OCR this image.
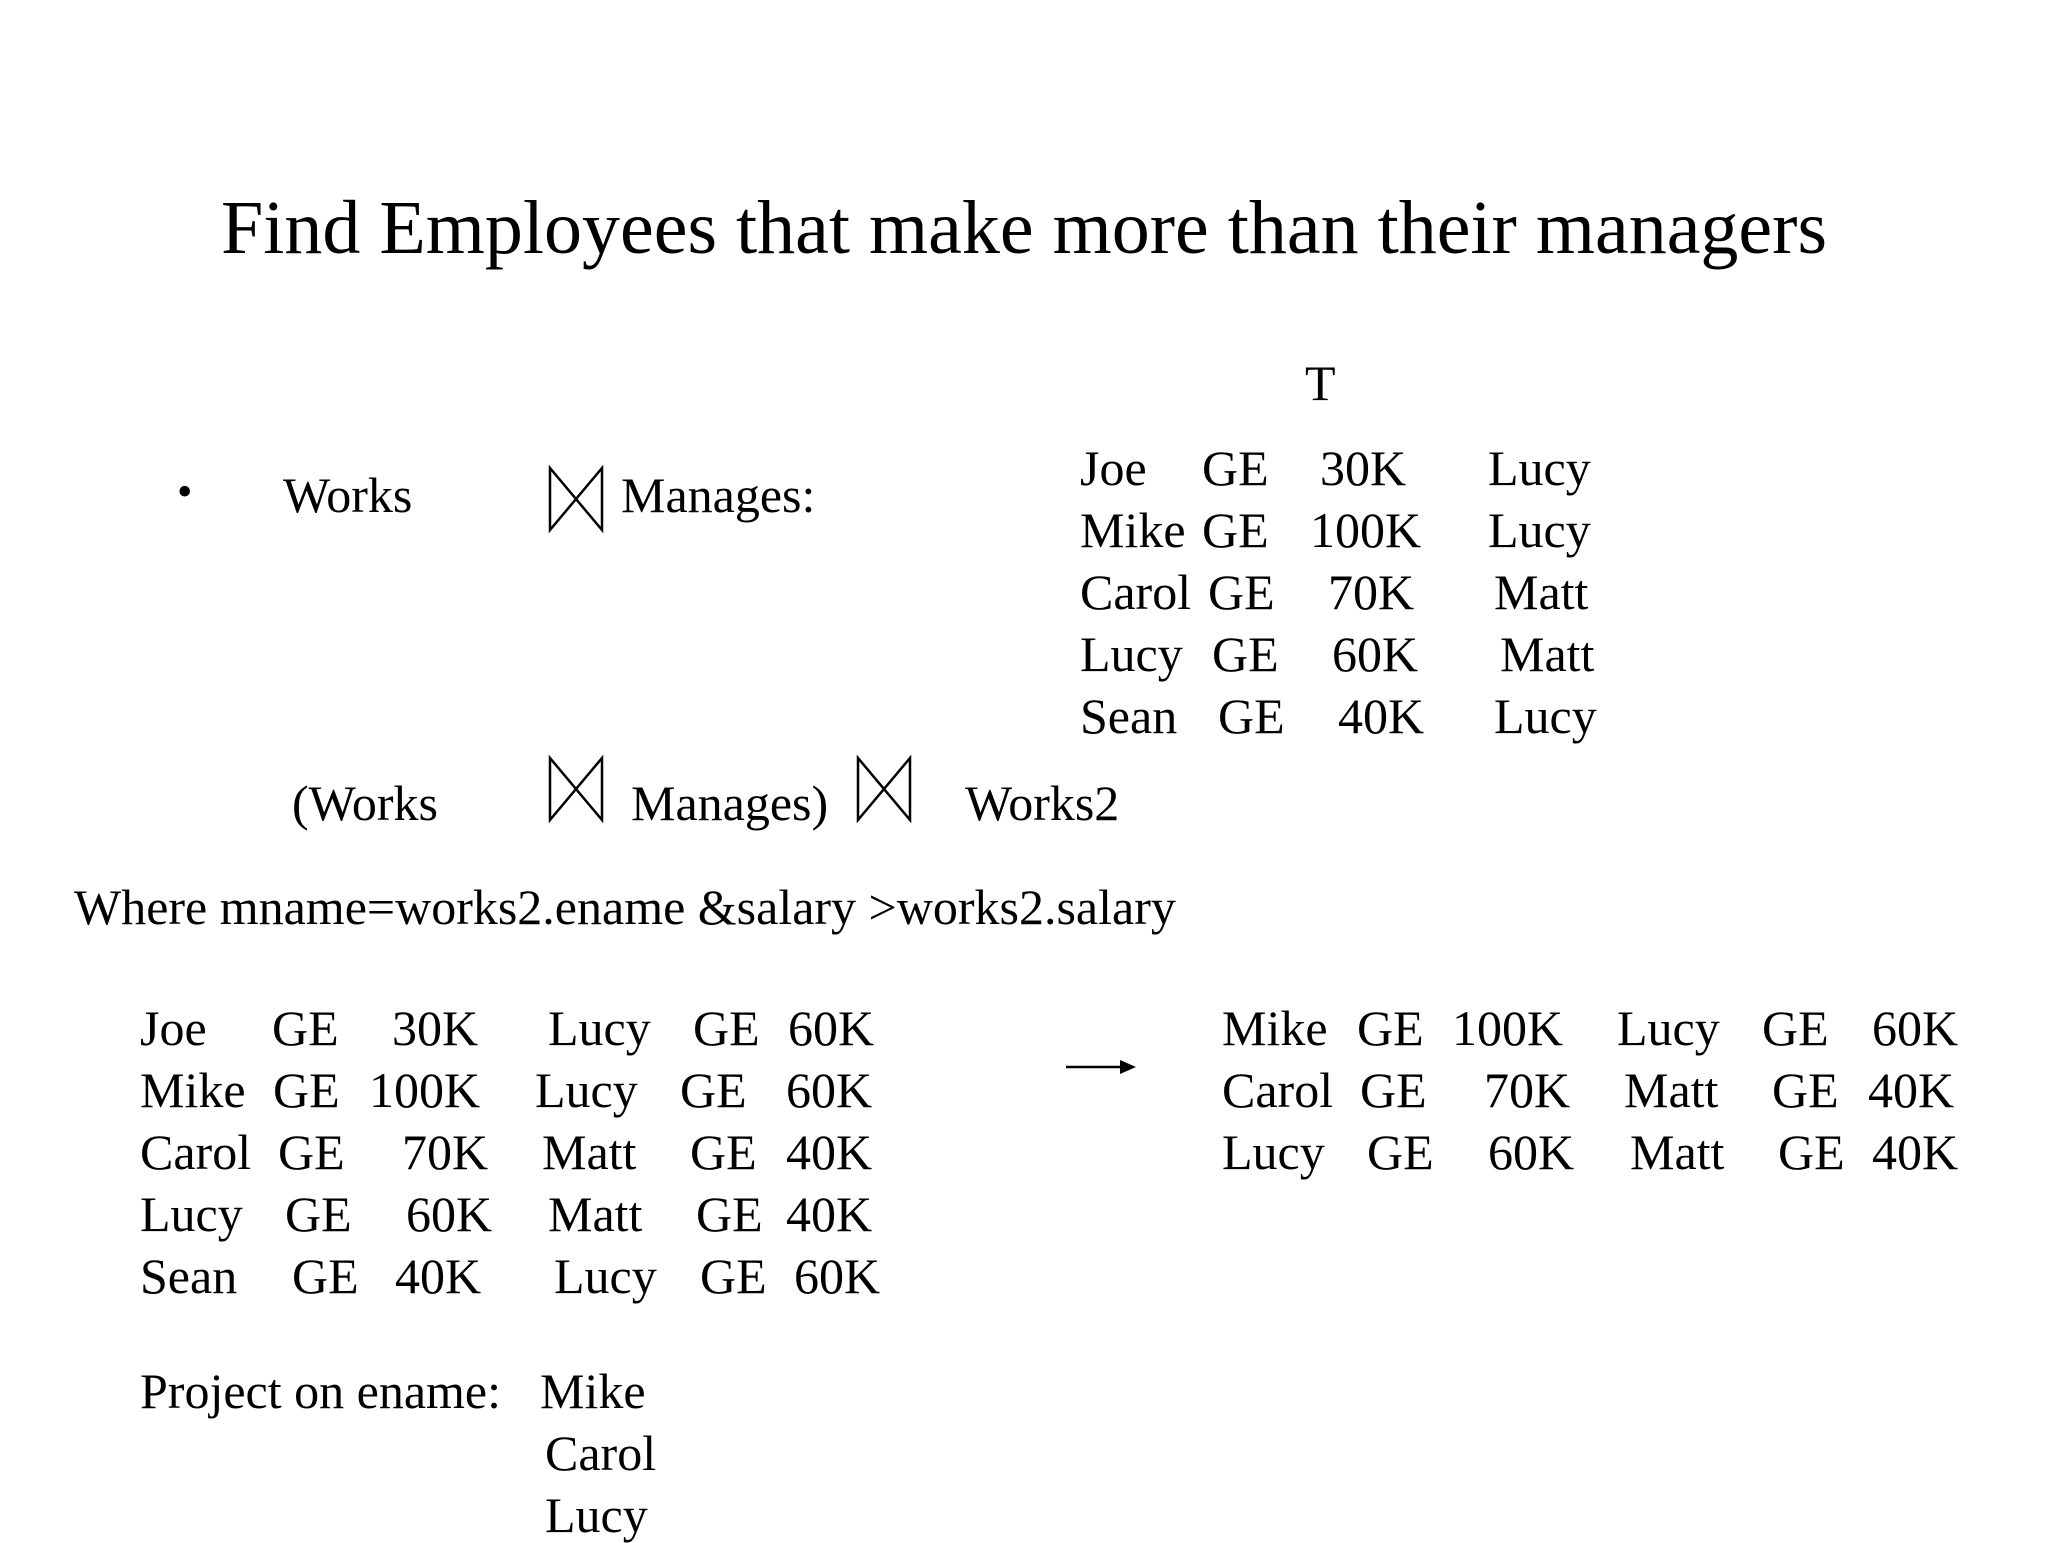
Find Employees that make more than their managers
T
• Works	Manages:	Joe GE 30K Lucy
Mike GE 100K Lucy
Carol GE 70K Matt
Lucy GE 60K Matt
Sean GE 40K Lucy
(Works	Manages)	Works2
Where mname=works2.ename &salary >works2.salary
Joe GE 30K Lucy GE 60K
Mike GE 100K Lucy GE 60K
Carol GE 70K Matt GE 40K
Lucy GE 60K Matt GE 40K
Sean GE 40K Lucy GE 60K
Mike GE 100K Lucy GE 60K
Carol GE 70K Matt GE 40K
Lucy GE 60K Matt GE 40K
Project on ename: Mike
Carol
Lucy
